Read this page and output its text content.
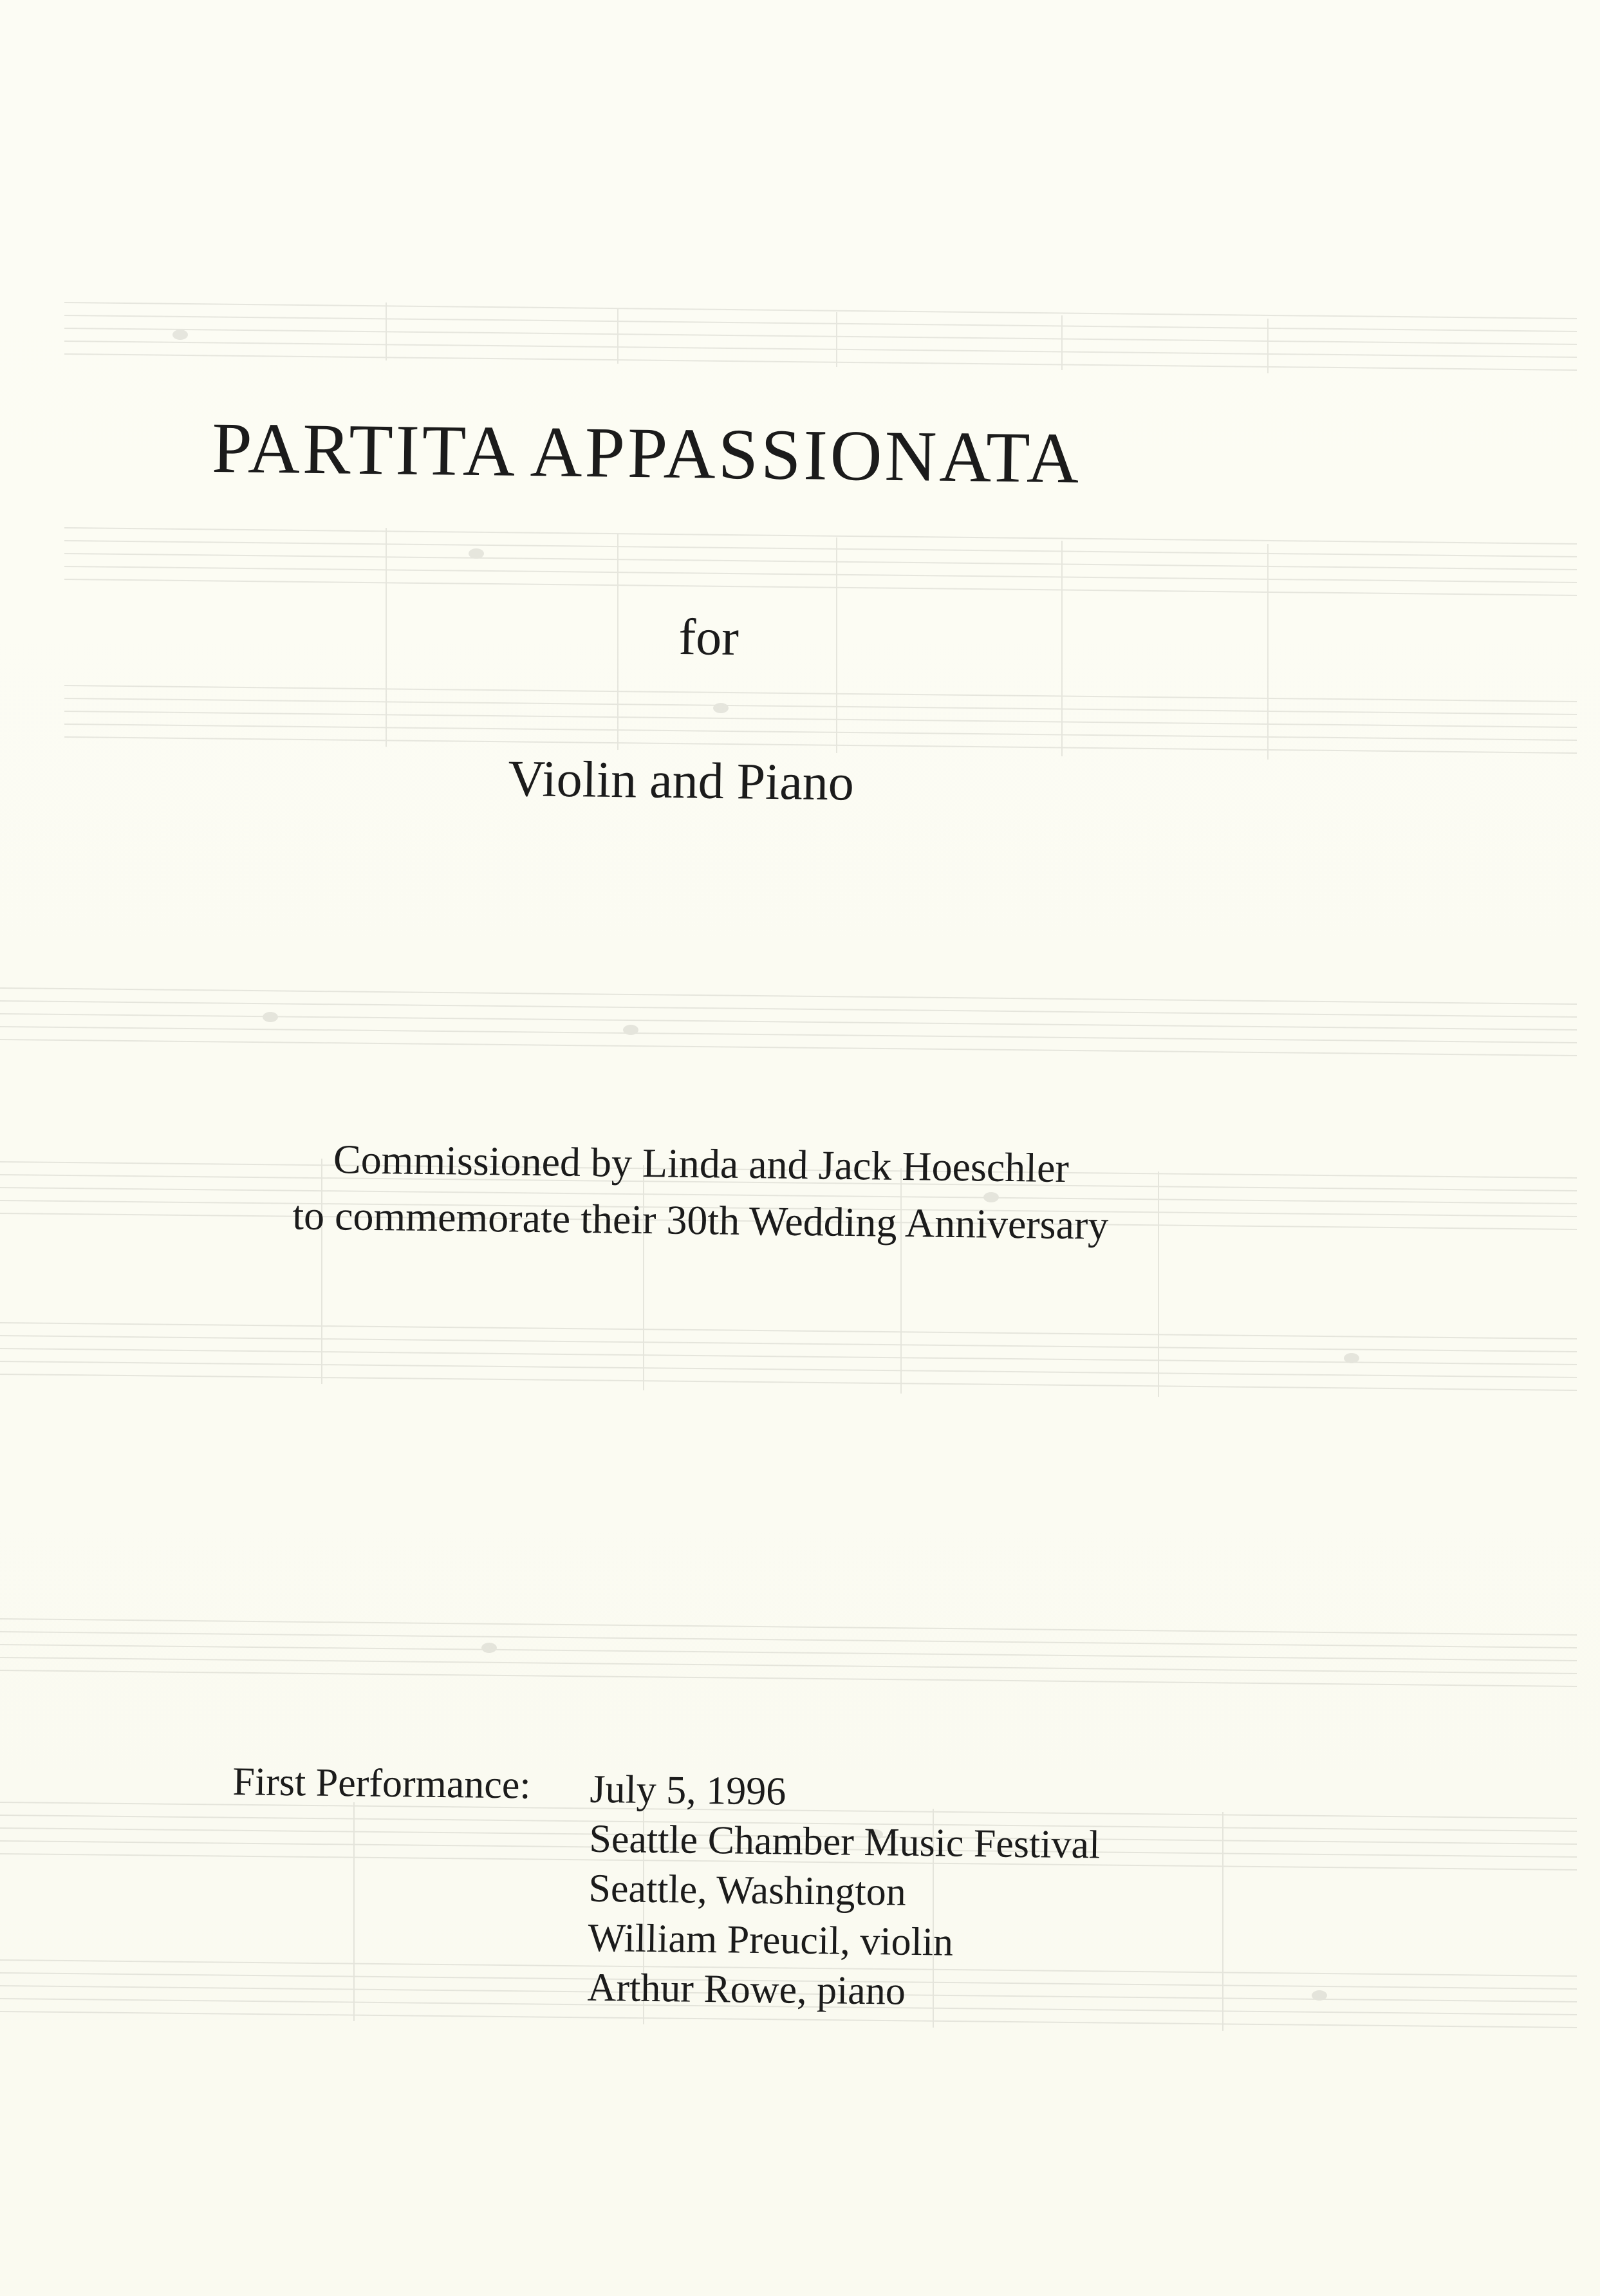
PARTITA APPASSIONATA
for
Violin and Piano
Commissioned by Linda and Jack Hoeschler
to commemorate their 30th Wedding Anniversary
First Performance: July 5, 1996
Seattle Chamber Music Festival
Seattle, Washington
William Preucil, violin
Arthur Rowe, piano
